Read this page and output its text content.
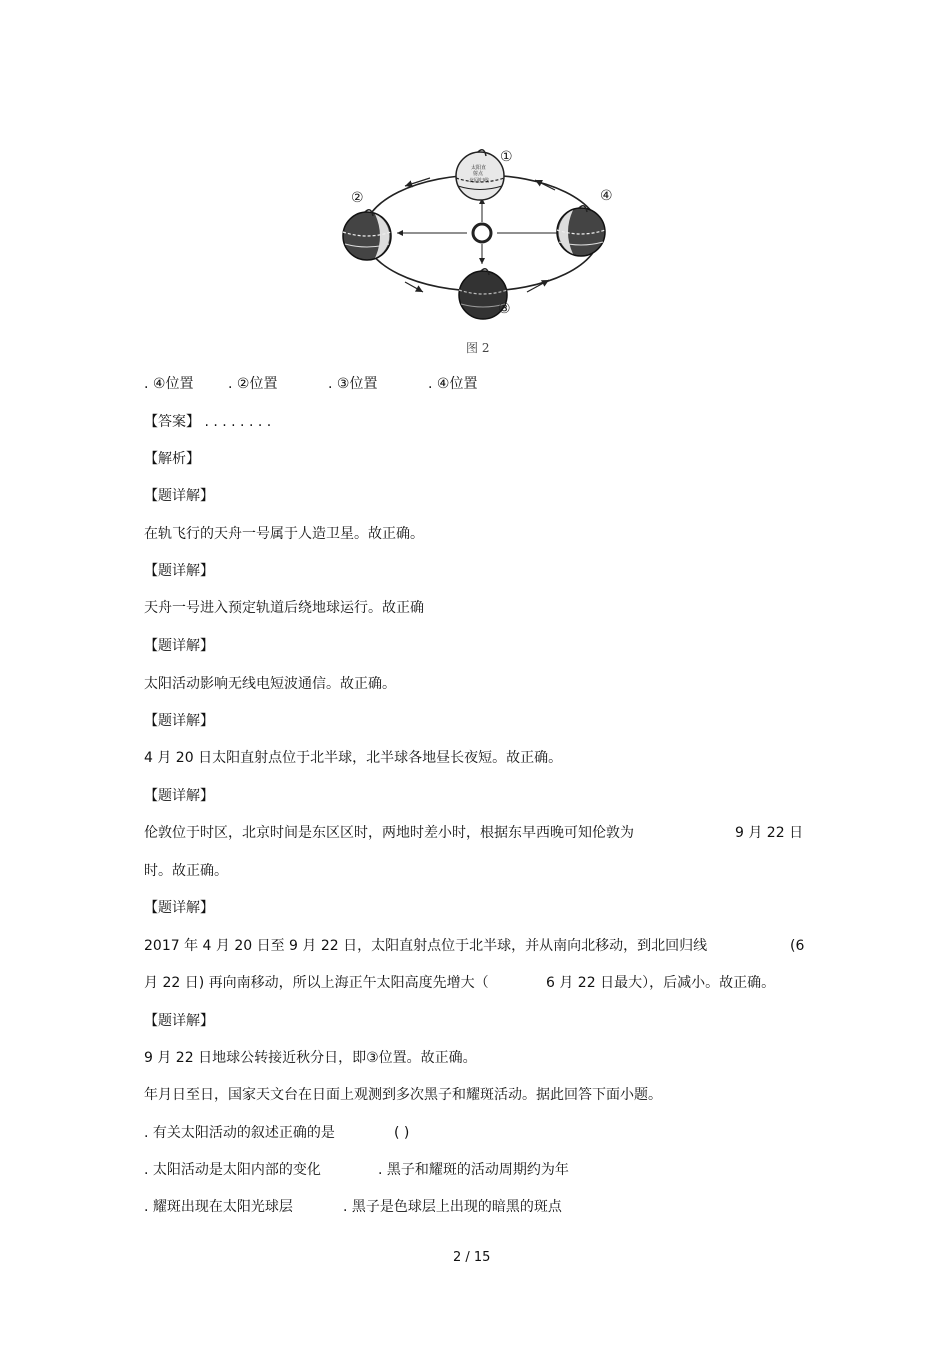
太阳直
射点
北回归线
①
②
③
④
图 2
. ④位置 . ②位置	. ③位置	. ④位置
【答案】 . . . . . . . .
【解析】
【题详解】
在轨飞行的天舟一号属于人造卫星。故正确。
【题详解】
天舟一号进入预定轨道后绕地球运行。故正确
【题详解】
太阳活动影响无线电短波通信。故正确。
【题详解】
4 月 20 日太阳直射点位于北半球，北半球各地昼长夜短。故正确。
【题详解】
伦敦位于时区，北京时间是东区区时，两地时差小时，根据东早西晚可知伦敦为	9 月 22 日
时。故正确。
【题详解】
2017 年 4 月 20 日至 9 月 22 日，太阳直射点位于北半球，并从南向北移动，到北回归线	(6
月 22 日) 再向南移动，所以上海正午太阳高度先增大（	6 月 22 日最大），后减小。故正确。
【题详解】
9 月 22 日地球公转接近秋分日，即③位置。故正确。
年月日至日，国家天文台在日面上观测到多次黑子和耀斑活动。据此回答下面小题。
. 有关太阳活动的叙述正确的是	( )
. 太阳活动是太阳内部的变化	. 黑子和耀斑的活动周期约为年
. 耀斑出现在太阳光球层	. 黑子是色球层上出现的暗黑的斑点
2 / 15
